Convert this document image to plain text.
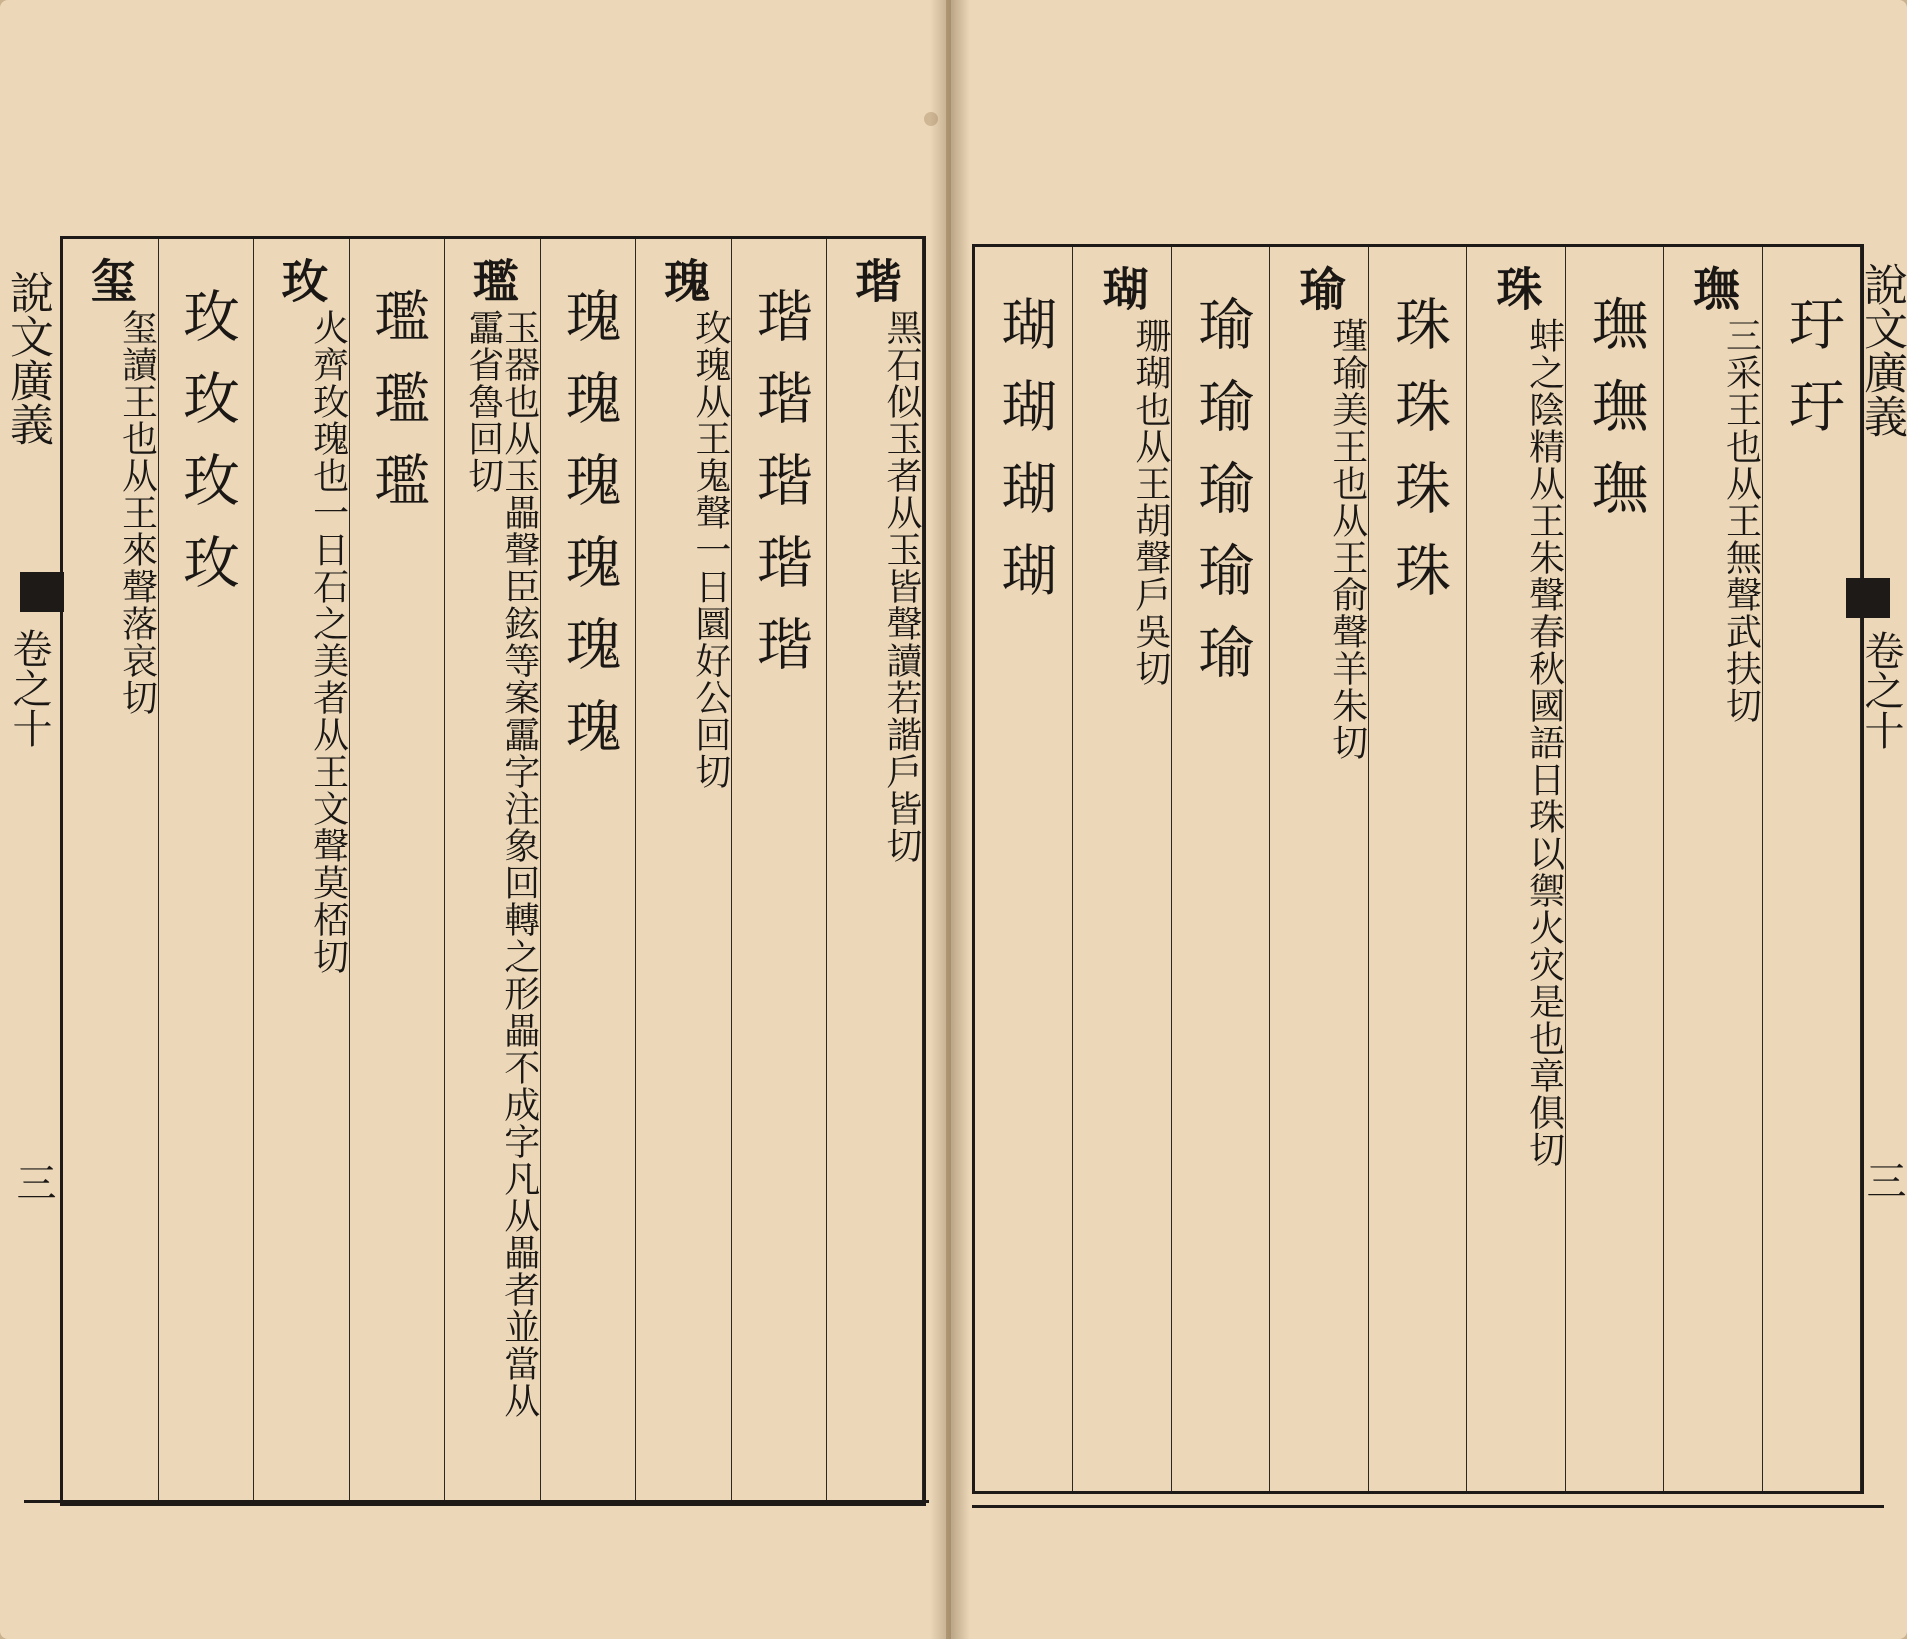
說文廣義
卷之十
三
瑎
黑石似玉者从玉皆聲讀若諧戶皆切
瑎瑎瑎瑎瑎
瑰
玫瑰从王鬼聲一日圜好公回切
瑰瑰瑰瑰瑰瑰
璼
玉器也从玉畾聲臣鉉等案靁字注象回轉之形畾不成字凡从畾者並當从靁省魯回切
璼璼璼
玫
火齊玫瑰也一日石之美者从王文聲莫桮切
玫玫玫玫
玺
玺讀王也从王來聲落哀切	玗玗
璑
三采王也从王無聲武扶切
璑璑璑
珠
蚌之陰精从王朱聲春秋國語日珠以禦火灾是也章俱切
珠珠珠珠
瑜
瑾瑜美王也从王俞聲羊朱切
瑜瑜瑜瑜瑜
瑚
珊瑚也从王胡聲戶吳切
瑚瑚瑚瑚	說文廣義
卷之十
三
